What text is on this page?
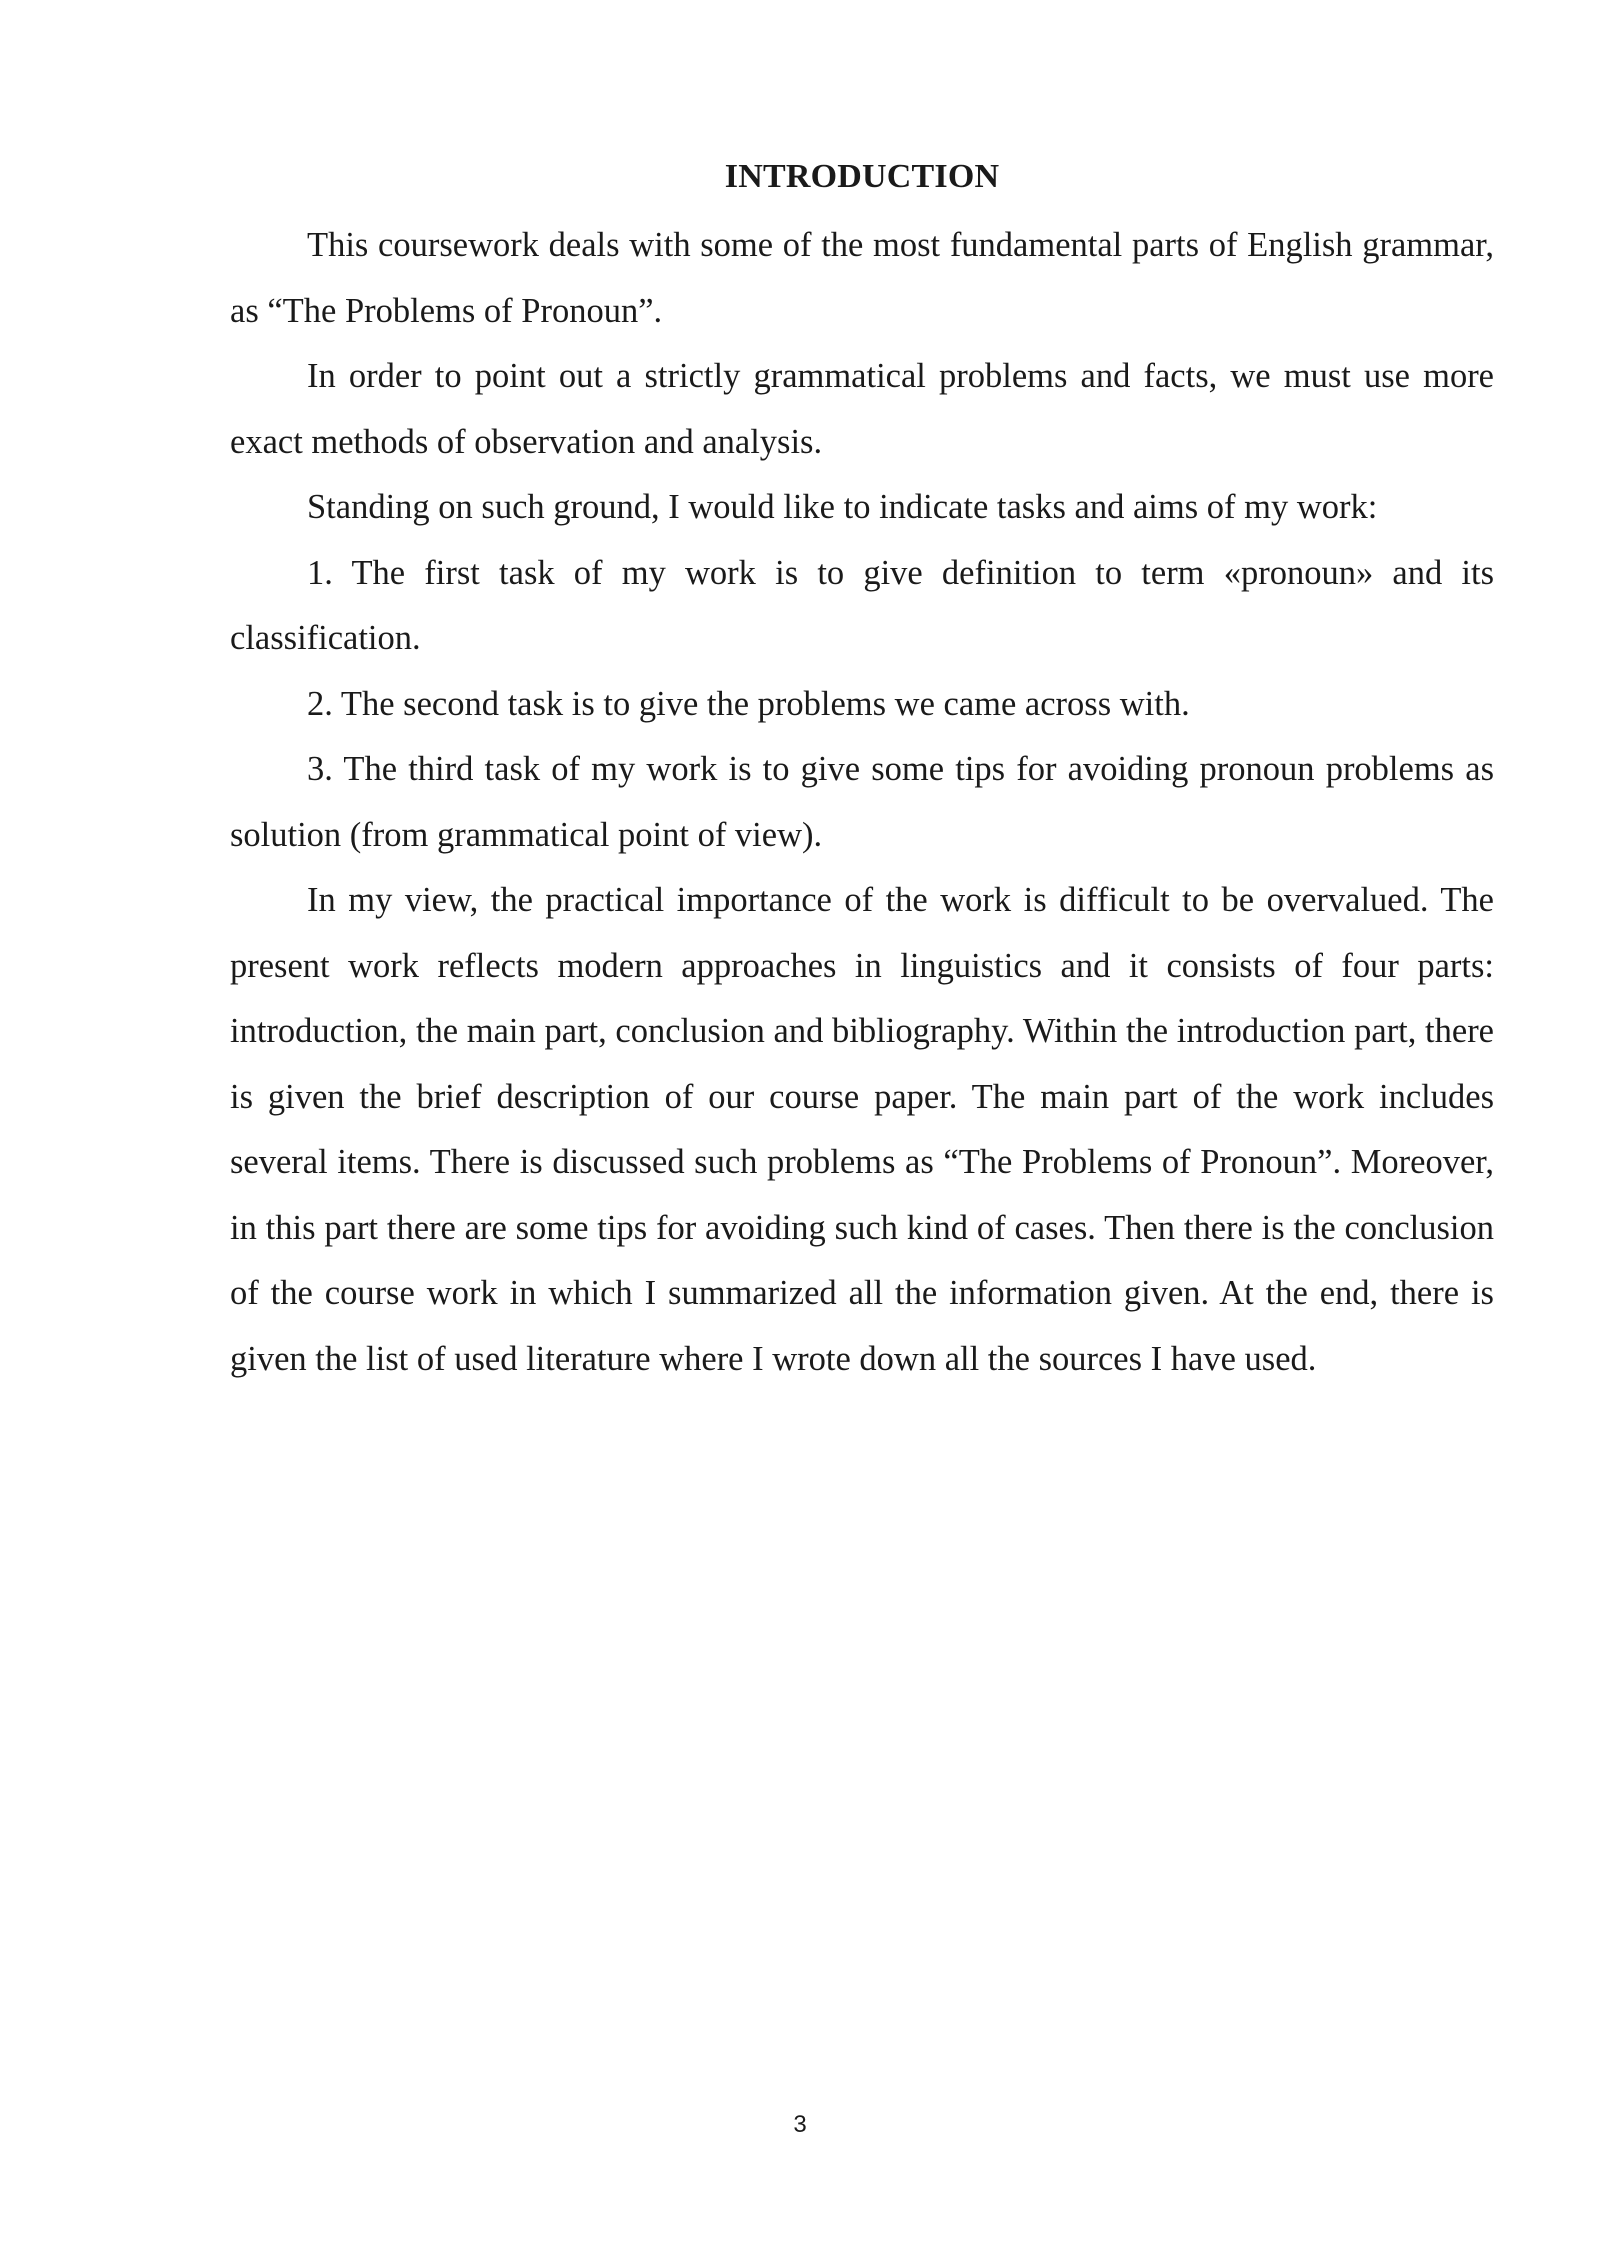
INTRODUCTION

This coursework deals with some of the most fundamental parts of English grammar, as “The Problems of Pronoun”.

In order to point out a strictly grammatical problems and facts, we must use more exact methods of observation and analysis.

Standing on such ground, I would like to indicate tasks and aims of my work:

1. The first task of my work is to give definition to term «pronoun» and its classification.

2. The second task is to give the problems we came across with.

3. The third task of my work is to give some tips for avoiding pronoun problems as solution (from grammatical point of view).

In my view, the practical importance of the work is difficult to be overvalued. The present work reflects modern approaches in linguistics and it consists of four parts: introduction, the main part, conclusion and bibliography. Within the introduction part, there is given the brief description of our course paper. The main part of the work includes several items. There is discussed such problems as “The Problems of Pronoun”. Moreover, in this part there are some tips for avoiding such kind of cases. Then there is the conclusion of the course work in which I summarized all the information given. At the end, there is given the list of used literature where I wrote down all the sources I have used.

3
